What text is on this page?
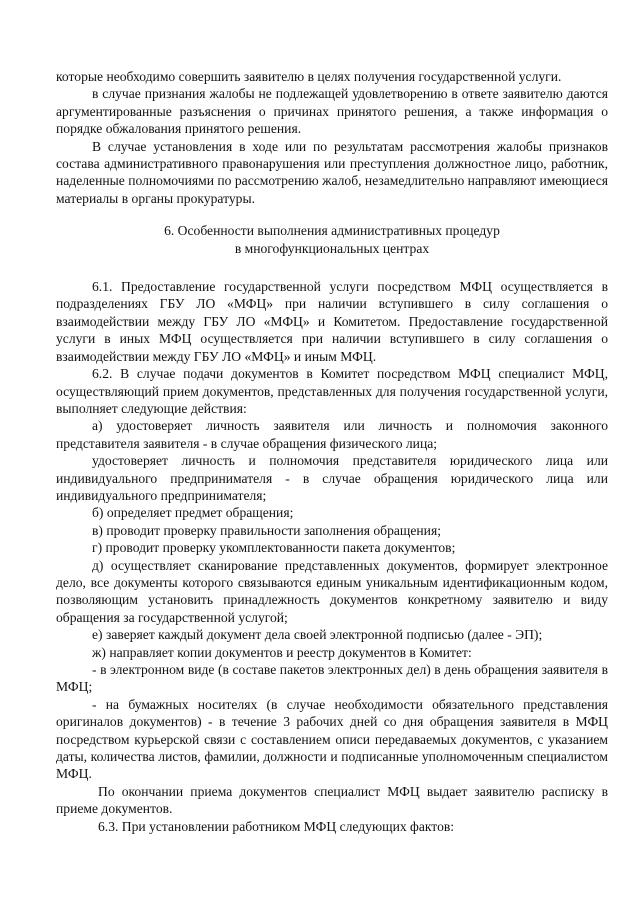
которые необходимо совершить заявителю в целях получения государственной услуги.

в случае признания жалобы не подлежащей удовлетворению в ответе заявителю даются аргументированные разъяснения о причинах принятого решения, а также информация о порядке обжалования принятого решения.

В случае установления в ходе или по результатам рассмотрения жалобы признаков состава административного правонарушения или преступления должностное лицо, работник, наделенные полномочиями по рассмотрению жалоб, незамедлительно направляют имеющиеся материалы в органы прокуратуры.

6. Особенности выполнения административных процедур
в многофункциональных центрах

6.1. Предоставление государственной услуги посредством МФЦ осуществляется в подразделениях ГБУ ЛО «МФЦ» при наличии вступившего в силу соглашения о взаимодействии между ГБУ ЛО «МФЦ» и Комитетом. Предоставление государственной услуги в иных МФЦ осуществляется при наличии вступившего в силу соглашения о взаимодействии между ГБУ ЛО «МФЦ» и иным МФЦ.

6.2. В случае подачи документов в Комитет посредством МФЦ специалист МФЦ, осуществляющий прием документов, представленных для получения государственной услуги, выполняет следующие действия:

а) удостоверяет личность заявителя или личность и полномочия законного представителя заявителя - в случае обращения физического лица;

удостоверяет личность и полномочия представителя юридического лица или индивидуального предпринимателя - в случае обращения юридического лица или индивидуального предпринимателя;

б) определяет предмет обращения;

в) проводит проверку правильности заполнения обращения;

г) проводит проверку укомплектованности пакета документов;

д) осуществляет сканирование представленных документов, формирует электронное дело, все документы которого связываются единым уникальным идентификационным кодом, позволяющим установить принадлежность документов конкретному заявителю и виду обращения за государственной услугой;

е) заверяет каждый документ дела своей электронной подписью (далее - ЭП);

ж) направляет копии документов и реестр документов в Комитет:

- в электронном виде (в составе пакетов электронных дел) в день обращения заявителя в МФЦ;

- на бумажных носителях (в случае необходимости обязательного представления оригиналов документов) - в течение 3 рабочих дней со дня обращения заявителя в МФЦ посредством курьерской связи с составлением описи передаваемых документов, с указанием даты, количества листов, фамилии, должности и подписанные уполномоченным специалистом МФЦ.

По окончании приема документов специалист МФЦ выдает заявителю расписку в приеме документов.

6.3. При установлении работником МФЦ следующих фактов:
